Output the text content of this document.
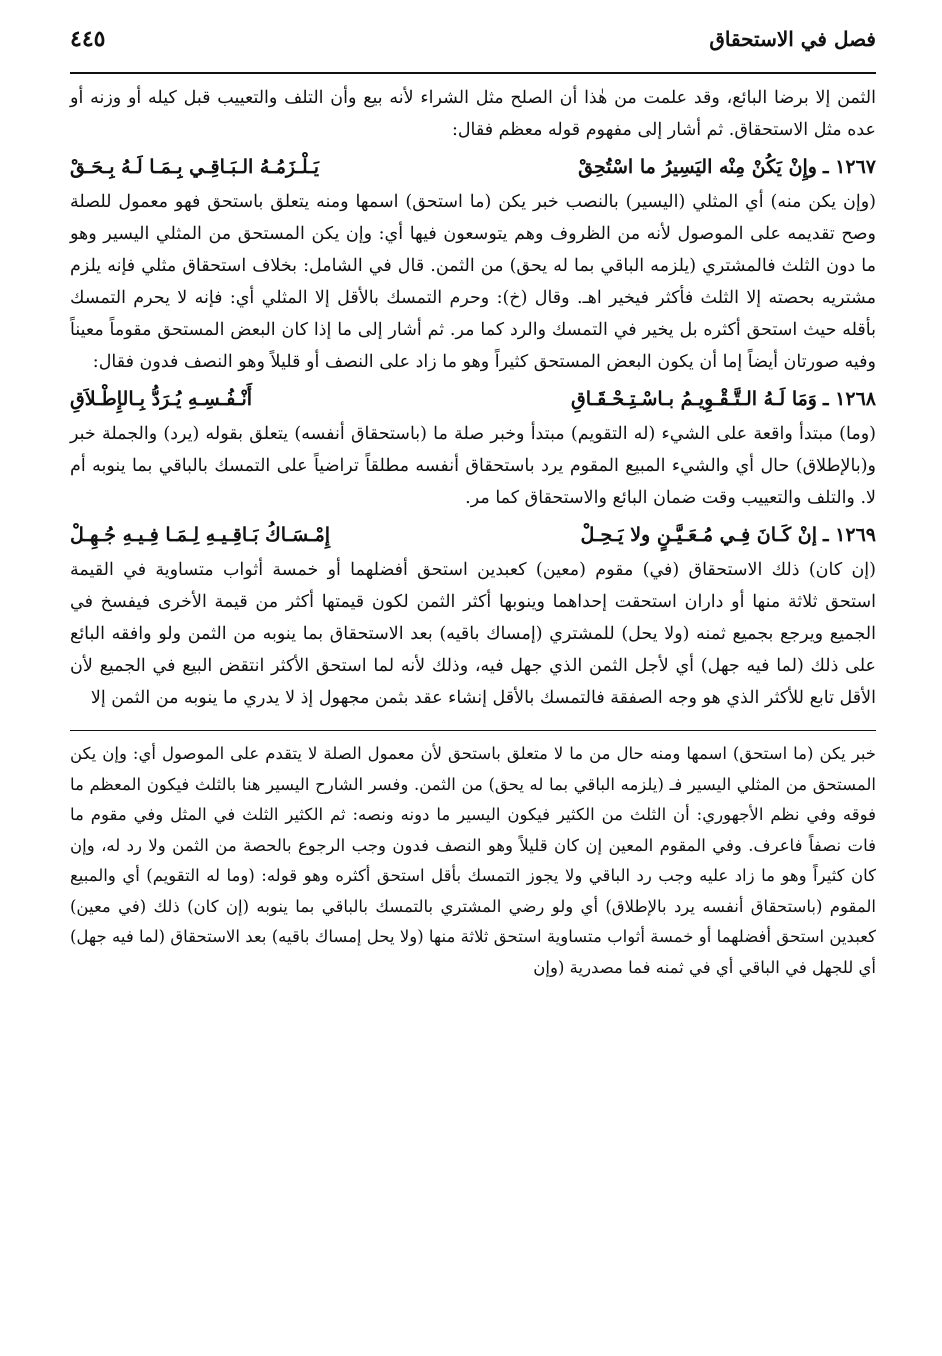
فصل في الاستحقاق
٤٤٥

الثمن إلا برضا البائع، وقد علمت من هٰذا أن الصلح مثل الشراء لأنه بيع وأن التلف والتعييب قبل كيله أو وزنه أو عده مثل الاستحقاق. ثم أشار إلى مفهوم قوله معظم فقال:

١٢٦٧ ـ
وإِنْ يَكُنْ مِنْه اليَسِيرُ ما اسْتُحِقْ
يَـلْـزَمُـهُ الـبَـاقِـي بِـمَـا لَـهُ بِـحَـقْ

(وإن يكن منه) أي المثلي (اليسير) بالنصب خبر يكن (ما استحق) اسمها ومنه يتعلق باستحق فهو معمول للصلة وصح تقديمه على الموصول لأنه من الظروف وهم يتوسعون فيها أي: وإن يكن المستحق من المثلي اليسير وهو ما دون الثلث فالمشتري (يلزمه الباقي بما له يحق) من الثمن. قال في الشامل: بخلاف استحقاق مثلي فإنه يلزم مشتريه بحصته إلا الثلث فأكثر فيخير اهـ. وقال (خ): وحرم التمسك بالأقل إلا المثلي أي: فإنه لا يحرم التمسك بأقله حيث استحق أكثره بل يخير في التمسك والرد كما مر. ثم أشار إلى ما إذا كان البعض المستحق مقوماً معيناً وفيه صورتان أيضاً إما أن يكون البعض المستحق كثيراً وهو ما زاد على النصف أو قليلاً وهو النصف فدون فقال:

١٢٦٨ ـ
وَمَا لَـهُ الـتَّـقْـوِيـمُ بـاسْـتِـحْـقَـاقِ
أَنْـفُـسِـهِ يُـرَدُّ بِـالإِطْـلاَقِ

(وما) مبتدأ واقعة على الشيء (له التقويم) مبتدأ وخبر صلة ما (باستحقاق أنفسه) يتعلق بقوله (يرد) والجملة خبر و(بالإطلاق) حال أي والشيء المبيع المقوم يرد باستحقاق أنفسه مطلقاً تراضياً على التمسك بالباقي بما ينوبه أم لا. والتلف والتعييب وقت ضمان البائع والاستحقاق كما مر.

١٢٦٩ ـ
إنْ كَـانَ فِـي مُـعَـيَّـنٍ ولا يَـحِـلْ
إِمْـسَـاكُ بَـاقِـيـهِ لِـمَـا فِـيـهِ جُـهِـلْ

(إن كان) ذلك الاستحقاق (في) مقوم (معين) كعبدين استحق أفضلهما أو خمسة أثواب متساوية في القيمة استحق ثلاثة منها أو داران استحقت إحداهما وينوبها أكثر الثمن لكون قيمتها أكثر من قيمة الأخرى فيفسخ في الجميع ويرجع بجميع ثمنه (ولا يحل) للمشتري (إمساك باقيه) بعد الاستحقاق بما ينوبه من الثمن ولو وافقه البائع على ذلك (لما فيه جهل) أي لأجل الثمن الذي جهل فيه، وذلك لأنه لما استحق الأكثر انتقض البيع في الجميع لأن الأقل تابع للأكثر الذي هو وجه الصفقة فالتمسك بالأقل إنشاء عقد بثمن مجهول إذ لا يدري ما ينوبه من الثمن إلا

خبر يكن (ما استحق) اسمها ومنه حال من ما لا متعلق باستحق لأن معمول الصلة لا يتقدم على الموصول أي: وإن يكن المستحق من المثلي اليسير فـ (يلزمه الباقي بما له يحق) من الثمن. وفسر الشارح اليسير هنا بالثلث فيكون المعظم ما فوقه وفي نظم الأجهوري: أن الثلث من الكثير فيكون اليسير ما دونه ونصه: ثم الكثير الثلث في المثل وفي مقوم ما فات نصفاً فاعرف. وفي المقوم المعين إن كان قليلاً وهو النصف فدون وجب الرجوع بالحصة من الثمن ولا رد له، وإن كان كثيراً وهو ما زاد عليه وجب رد الباقي ولا يجوز التمسك بأقل استحق أكثره وهو قوله: (وما له التقويم) أي والمبيع المقوم (باستحقاق أنفسه يرد بالإطلاق) أي ولو رضي المشتري بالتمسك بالباقي بما ينوبه (إن كان) ذلك (في معين) كعبدين استحق أفضلهما أو خمسة أثواب متساوية استحق ثلاثة منها (ولا يحل إمساك باقيه) بعد الاستحقاق (لما فيه جهل) أي للجهل في الباقي أي في ثمنه فما مصدرية (وإن
